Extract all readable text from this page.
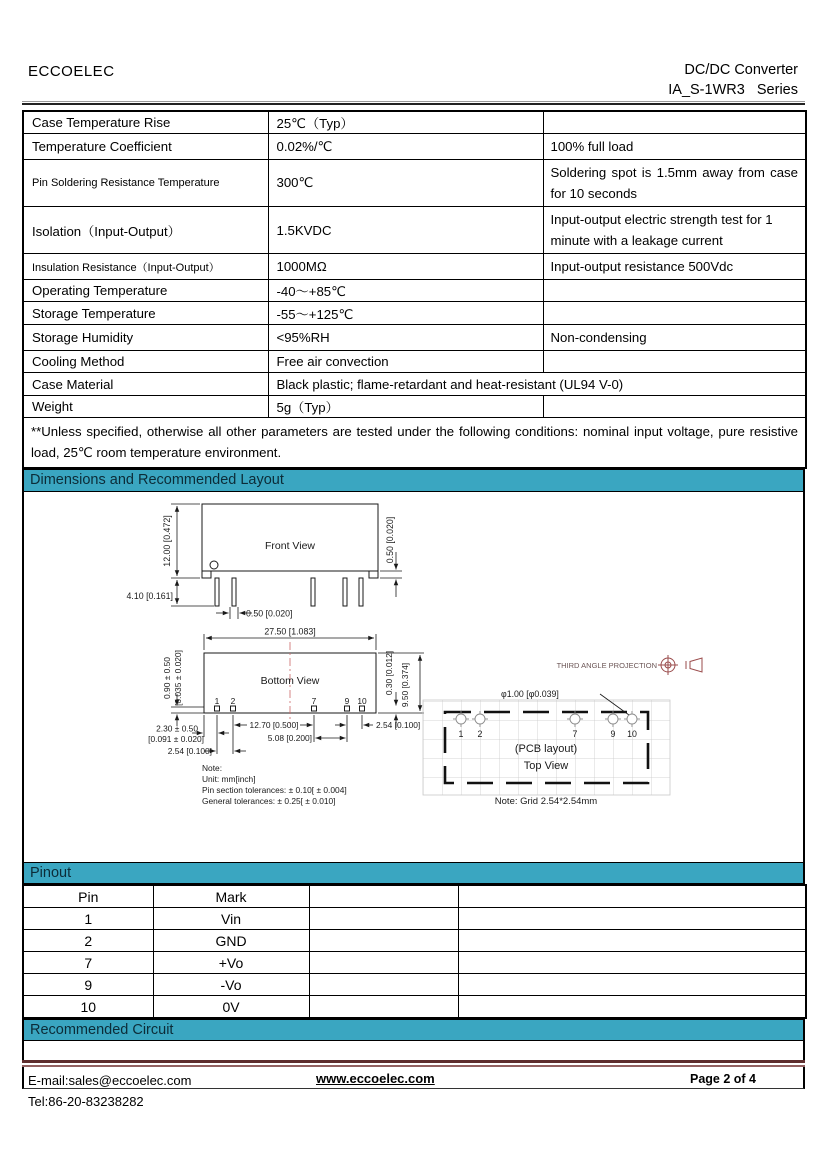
ECCOELEC	DC/DC Converter
IA_S-1WR3   Series
Case Temperature Rise	25℃（Typ）	
Temperature Coefficient	0.02%/℃	100% full load
Pin Soldering Resistance Temperature	300℃	Soldering spot is 1.5mm away from case for 10 seconds
Isolation（Input-Output）	1.5KVDC	Input-output electric strength test for 1 minute with a leakage current
Insulation Resistance（Input-Output）	1000MΩ	Input-output resistance 500Vdc
Operating Temperature	-40～+85℃	
Storage Temperature	-55～+125℃	
Storage Humidity	<95%RH	Non-condensing
Cooling Method	Free air convection	
Case Material	Black plastic; flame-retardant and heat-resistant (UL94 V-0)	
Weight	5g（Typ）	
**Unless specified, otherwise all other parameters are tested under the following conditions: nominal input voltage, pure resistive load, 25℃ room temperature environment.		
Dimensions and Recommended Layout
Front View
12.00 [0.472]
4.10 [0.161]
0.50 [0.020]
0.50 [0.020]
Bottom View
27.50 [1.083]
0.90 ± 0.50 [0.035 ± 0.020]	1 2	7	9 10
0.30 [0.012] 9.50 [0.374]
2.30 ± 0.50
[0.091 ± 0.020]
2.54 [0.100]
12.70 [0.500]
5.08 [0.200]
2.54 [0.100]
Note:
Unit: mm[inch]
Pin section tolerances: ± 0.10[ ± 0.004]
General tolerances: ± 0.25[ ± 0.010]
THIRD ANGLE PROJECTION
φ1.00 [φ0.039]
1 2	7	9 10
(PCB layout)
Top View
Note: Grid 2.54*2.54mm
Pinout
Pin	Mark		
1	Vin		
2	GND		
7	+Vo		
9	-Vo		
10	0V		
Recommended Circuit
E-mail:sales@eccoelec.com
Tel:86-20-83238282
www.eccoelec.com	Page 2 of 4
